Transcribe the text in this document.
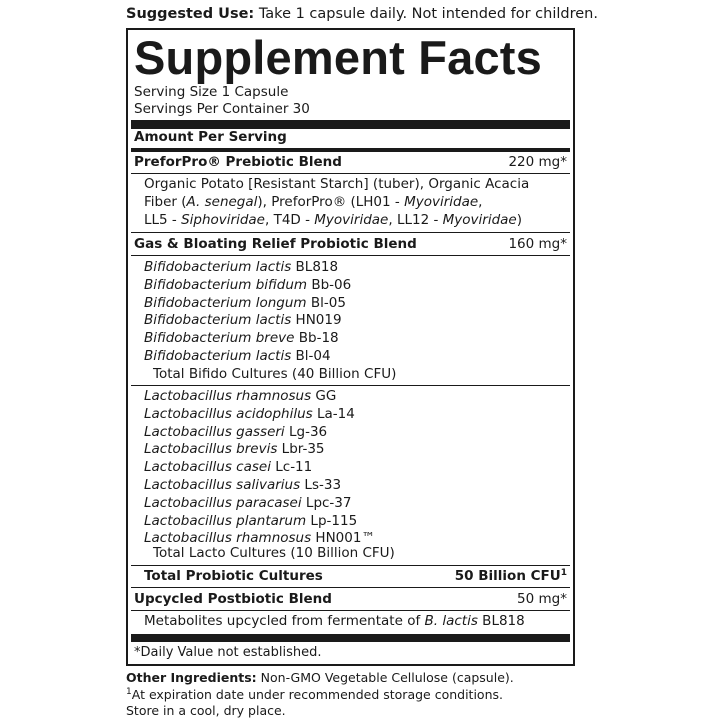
Suggested Use: Take 1 capsule daily. Not intended for children.
Supplement Facts
Serving Size 1 Capsule
Servings Per Container 30
Amount Per Serving
PreforPro® Prebiotic Blend	220 mg*
Organic Potato [Resistant Starch] (tuber), Organic Acacia
Fiber (A. senegal), PreforPro® (LH01 - Myoviridae,
LL5 - Siphoviridae, T4D - Myoviridae, LL12 - Myoviridae)
Gas & Bloating Relief Probiotic Blend	160 mg*
Bifidobacterium lactis BL818
Bifidobacterium bifidum Bb-06
Bifidobacterium longum Bl-05
Bifidobacterium lactis HN019
Bifidobacterium breve Bb-18
Bifidobacterium lactis Bl-04
Total Bifido Cultures (40 Billion CFU)
Lactobacillus rhamnosus GG
Lactobacillus acidophilus La-14
Lactobacillus gasseri Lg-36
Lactobacillus brevis Lbr-35
Lactobacillus casei Lc-11
Lactobacillus salivarius Ls-33
Lactobacillus paracasei Lpc-37
Lactobacillus plantarum Lp-115
Lactobacillus rhamnosus HN001™
Total Lacto Cultures (10 Billion CFU)
Total Probiotic Cultures	50 Billion CFU$^1$
Upcycled Postbiotic Blend	50 mg*
Metabolites upcycled from fermentate of B. lactis BL818
*Daily Value not established.
Other Ingredients: Non-GMO Vegetable Cellulose (capsule).
$^1$At expiration date under recommended storage conditions.
Store in a cool, dry place.
